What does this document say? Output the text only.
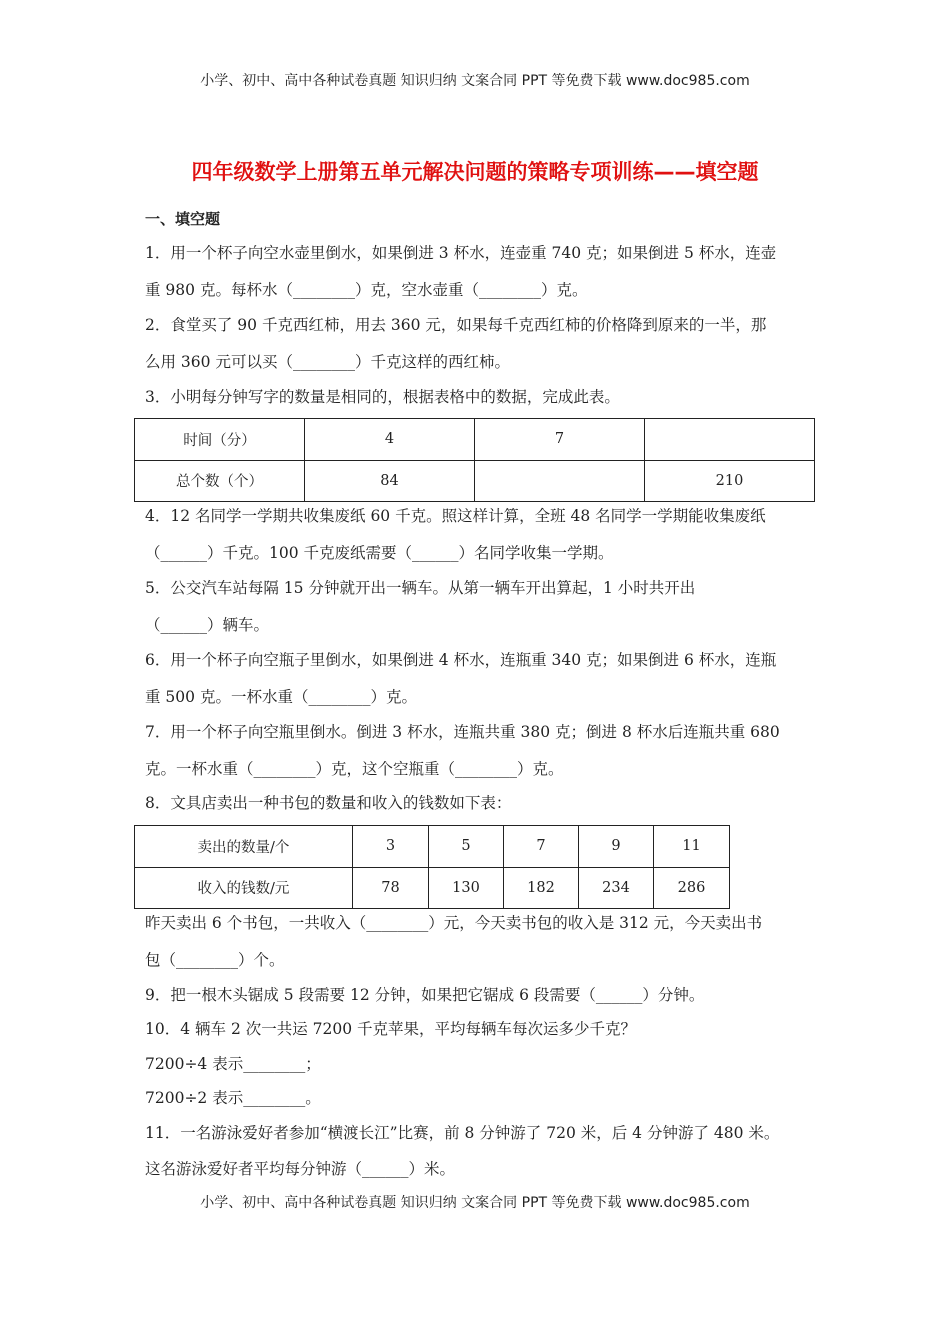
小学、初中、高中各种试卷真题 知识归纳 文案合同 PPT 等免费下载 www.doc985.com
四年级数学上册第五单元解决问题的策略专项训练——填空题
一、填空题
1．用一个杯子向空水壶里倒水，如果倒进 3 杯水，连壶重 740 克；如果倒进 5 杯水，连壶
重 980 克。每杯水（________）克，空水壶重（________）克。
2．食堂买了 90 千克西红柿，用去 360 元，如果每千克西红柿的价格降到原来的一半，那
么用 360 元可以买（________）千克这样的西红柿。
3．小明每分钟写字的数量是相同的，根据表格中的数据，完成此表。
4．12 名同学一学期共收集废纸 60 千克。照这样计算，全班 48 名同学一学期能收集废纸
（______）千克。100 千克废纸需要（______）名同学收集一学期。
5．公交汽车站每隔 15 分钟就开出一辆车。从第一辆车开出算起，1 小时共开出
（______）辆车。
6．用一个杯子向空瓶子里倒水，如果倒进 4 杯水，连瓶重 340 克；如果倒进 6 杯水，连瓶
重 500 克。一杯水重（________）克。
7．用一个杯子向空瓶里倒水。倒进 3 杯水，连瓶共重 380 克；倒进 8 杯水后连瓶共重 680
克。一杯水重（________）克，这个空瓶重（________）克。
8．文具店卖出一种书包的数量和收入的钱数如下表：
昨天卖出 6 个书包，一共收入（________）元，今天卖书包的收入是 312 元，今天卖出书
包（________）个。
9．把一根木头锯成 5 段需要 12 分钟，如果把它锯成 6 段需要（______）分钟。
10．4 辆车 2 次一共运 7200 千克苹果，平均每辆车每次运多少千克？
7200÷4 表示________；
7200÷2 表示________。
11．一名游泳爱好者参加“横渡长江”比赛，前 8 分钟游了 720 米，后 4 分钟游了 480 米。
这名游泳爱好者平均每分钟游（______）米。
时间（分）	4	7	
总个数（个）	84		210
卖出的数量/个	3	5	7	9	11
收入的钱数/元	78	130	182	234	286
小学、初中、高中各种试卷真题 知识归纳 文案合同 PPT 等免费下载 www.doc985.com
